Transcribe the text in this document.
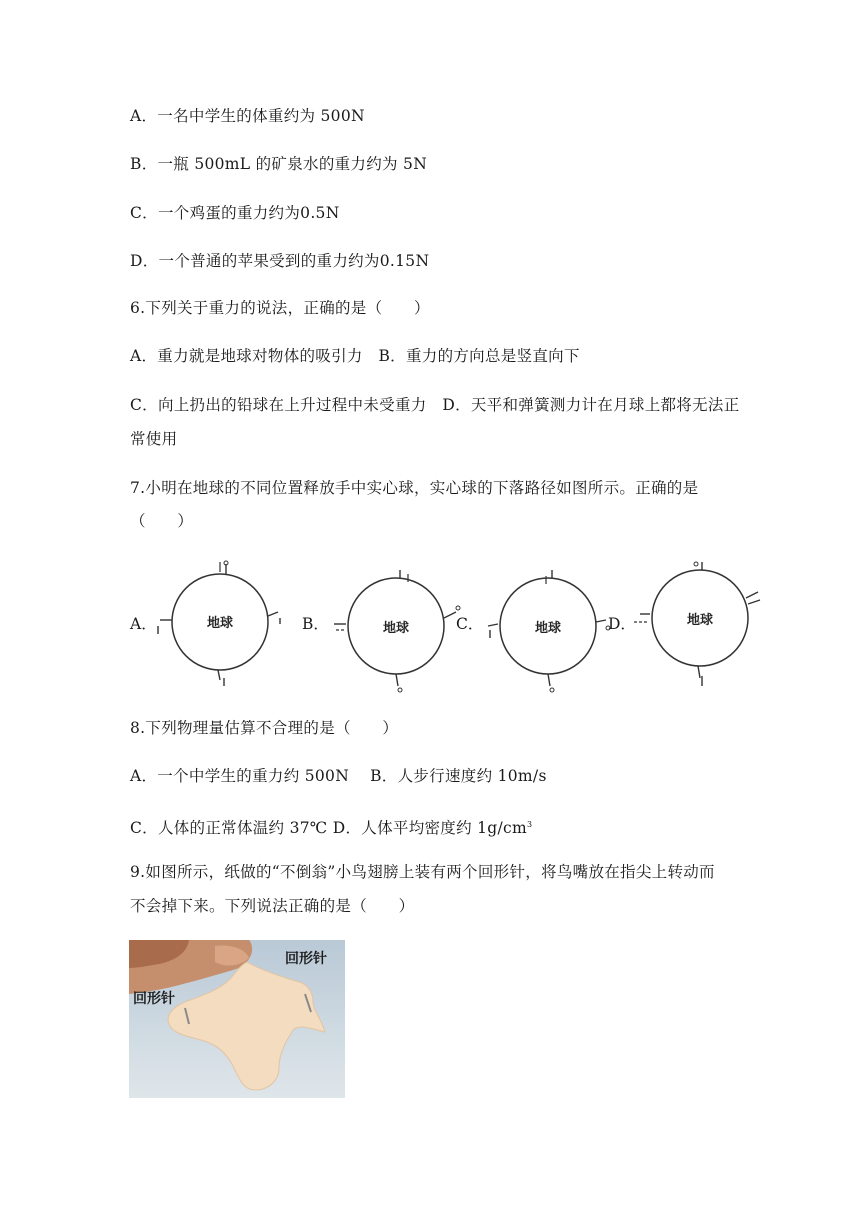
A．一名中学生的体重约为 500N
B．一瓶 500mL 的矿泉水的重力约为 5N
C．一个鸡蛋的重力约为0.5N
D．一个普通的苹果受到的重力约为0.15N
6.下列关于重力的说法，正确的是（　　）
A．重力就是地球对物体的吸引力　B．重力的方向总是竖直向下
C．向上扔出的铅球在上升过程中未受重力　D．天平和弹簧测力计在月球上都将无法正
常使用
7.小明在地球的不同位置释放手中实心球，实心球的下落路径如图所示。正确的是
（　　）
A．	B．	C．	D．
地球	地球	地球
地球
8.下列物理量估算不合理的是（　　）
A．一个中学生的重力约 500N　 B．人步行速度约 10m/s
C．人体的正常体温约 37℃ D．人体平均密度约 $1g/cm^3$
9.如图所示，纸做的“不倒翁”小鸟翅膀上装有两个回形针，将鸟嘴放在指尖上转动而
不会掉下来。下列说法正确的是（　　）
回形针
回形针
